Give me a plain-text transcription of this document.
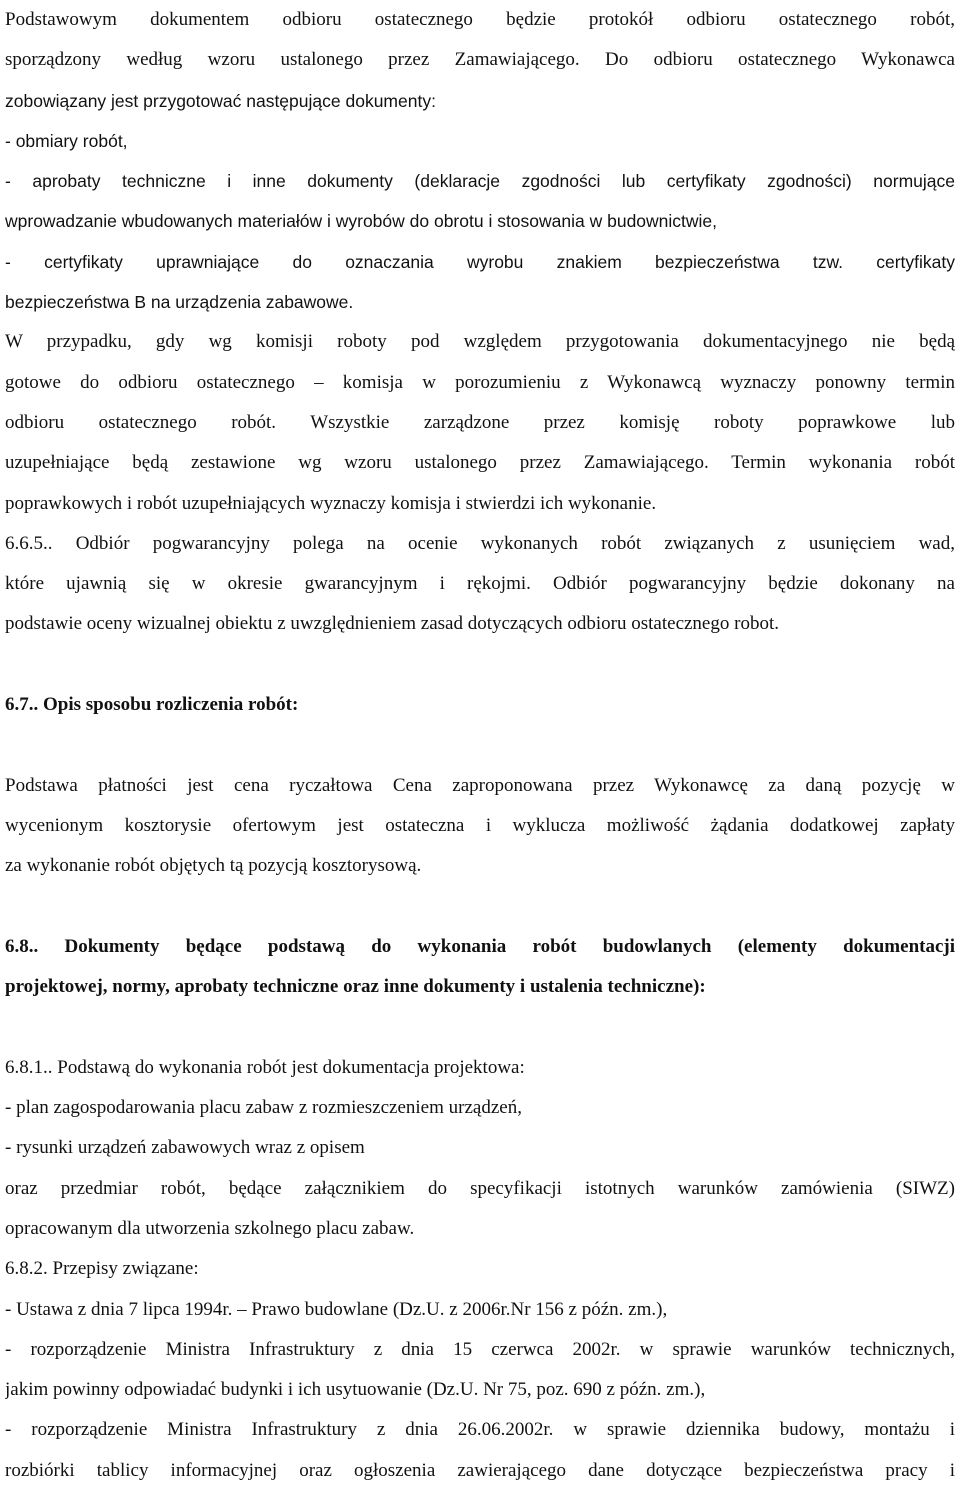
Podstawowym dokumentem odbioru ostatecznego będzie protokół odbioru ostatecznego robót,
sporządzony według wzoru ustalonego przez Zamawiającego. Do odbioru ostatecznego Wykonawca
zobowiązany jest przygotować następujące dokumenty:
- obmiary robót,
- aprobaty techniczne i inne dokumenty (deklaracje zgodności lub certyfikaty zgodności) normujące
wprowadzanie wbudowanych materiałów i wyrobów do obrotu i stosowania w budownictwie,
- certyfikaty uprawniające do oznaczania wyrobu znakiem bezpieczeństwa tzw. certyfikaty
bezpieczeństwa B na urządzenia zabawowe.
W przypadku, gdy wg komisji roboty pod względem przygotowania dokumentacyjnego nie będą
gotowe do odbioru ostatecznego – komisja w porozumieniu z Wykonawcą wyznaczy ponowny termin
odbioru ostatecznego robót. Wszystkie zarządzone przez komisję roboty poprawkowe lub
uzupełniające będą zestawione wg wzoru ustalonego przez Zamawiającego. Termin wykonania robót
poprawkowych i robót uzupełniających wyznaczy komisja i stwierdzi ich wykonanie.
6.6.5.. Odbiór pogwarancyjny polega na ocenie wykonanych robót związanych z usunięciem wad,
które ujawnią się w okresie gwarancyjnym i rękojmi. Odbiór pogwarancyjny będzie dokonany na
podstawie oceny wizualnej obiektu z uwzględnieniem zasad dotyczących odbioru ostatecznego robot.
6.7.. Opis sposobu rozliczenia robót:
Podstawa płatności jest cena ryczałtowa Cena zaproponowana przez Wykonawcę za daną pozycję w
wycenionym kosztorysie ofertowym jest ostateczna i wyklucza możliwość żądania dodatkowej zapłaty
za wykonanie robót objętych tą pozycją kosztorysową.
6.8.. Dokumenty będące podstawą do wykonania robót budowlanych (elementy dokumentacji
projektowej, normy, aprobaty techniczne oraz inne dokumenty i ustalenia techniczne):
6.8.1.. Podstawą do wykonania robót jest dokumentacja projektowa:
- plan zagospodarowania placu zabaw z rozmieszczeniem urządzeń,
- rysunki urządzeń zabawowych wraz z opisem
oraz przedmiar robót, będące załącznikiem do specyfikacji istotnych warunków zamówienia (SIWZ)
opracowanym dla utworzenia szkolnego placu zabaw.
6.8.2. Przepisy związane:
- Ustawa z dnia 7 lipca 1994r. – Prawo budowlane (Dz.U. z 2006r.Nr 156 z późn. zm.),
- rozporządzenie Ministra Infrastruktury z dnia 15 czerwca 2002r. w sprawie warunków technicznych,
jakim powinny odpowiadać budynki i ich usytuowanie (Dz.U. Nr 75, poz. 690 z późn. zm.),
- rozporządzenie Ministra Infrastruktury z dnia 26.06.2002r. w sprawie dziennika budowy, montażu i
rozbiórki tablicy informacyjnej oraz ogłoszenia zawierającego dane dotyczące bezpieczeństwa pracy i
